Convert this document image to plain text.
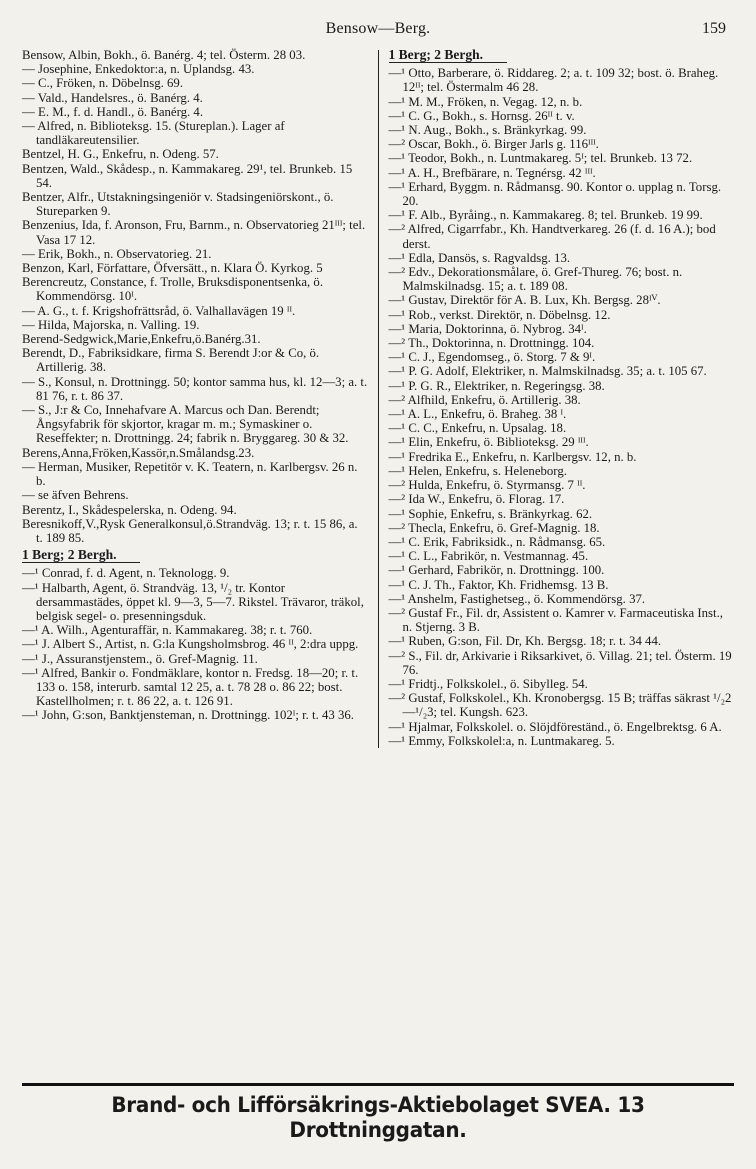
Bensow—Berg.	159
Bensow, Albin, Bokh., ö. Banérg. 4; tel. Österm. 28 03.
— Josephine, Enkedoktor:a, n. Uplandsg. 43.
— C., Fröken, n. Döbelnsg. 69.
— Vald., Handelsres., ö. Banérg. 4.
— E. M., f. d. Handl., ö. Banérg. 4.
— Alfred, n. Biblioteksg. 15. (Stureplan.). Lager af tandläkareutensilier.
Bentzel, H. G., Enkefru, n. Odeng. 57.
Bentzen, Wald., Skådesp., n. Kammakareg. 29¹, tel. Brunkeb. 15 54.
Bentzer, Alfr., Utstakningsingeniör v. Stadsingeniörskont., ö. Stureparken 9.
Benzenius, Ida, f. Aronson, Fru, Barnm., n. Observatorieg 21ᴵᴵᴵ; tel. Vasa 17 12.
— Erik, Bokh., n. Observatorieg. 21.
Benzon, Karl, Författare, Öfversätt., n. Klara Ö. Kyrkog. 5
Berencreutz, Constance, f. Trolle, Bruksdisponentsenka, ö. Kommendörsg. 10ᴵ.
— A. G., t. f. Krigshofrättsråd, ö. Valhallavägen 19 ᴵᴵ.
— Hilda, Majorska, n. Valling. 19.
Berend-Sedgwick,Marie,Enkefru,ö.Banérg.31.
Berendt, D., Fabriksidkare, firma S. Berendt J:or & Co, ö. Artillerig. 38.
— S., Konsul, n. Drottningg. 50; kontor samma hus, kl. 12—3; a. t. 81 76, r. t. 86 37.
— S., J:r & Co, Innehafvare A. Marcus och Dan. Berendt; Ångsyfabrik för skjortor, kragar m. m.; Symaskiner o. Reseffekter; n. Drottningg. 24; fabrik n. Bryggareg. 30 & 32.
Berens,Anna,Fröken,Kassör,n.Smålandsg.23.
— Herman, Musiker, Repetitör v. K. Teatern, n. Karlbergsv. 26 n. b.
— se äfven Behrens.
Berentz, I., Skådespelerska, n. Odeng. 94.
Beresnikoff,V.,Rysk Generalkonsul,ö.Strandväg. 13; r. t. 15 86, a. t. 189 85.
1 Berg; 2 Bergh.
—¹ Conrad, f. d. Agent, n. Teknologg. 9.
—¹ Halbarth, Agent, ö. Strandväg. 13, ¹/₂ tr. Kontor dersammastädes, öppet kl. 9—3, 5—7. Rikstel. Trävaror, träkol, belgisk segel- o. presenningsduk.
—¹ A. Wilh., Agenturaffär, n. Kammakareg. 38; r. t. 760.
—¹ J. Albert S., Artist, n. G:la Kungsholmsbrog. 46 ᴵᴵ, 2:dra uppg.
—¹ J., Assuranstjenstem., ö. Gref-Magnig. 11.
—¹ Alfred, Bankir o. Fondmäklare, kontor n. Fredsg. 18—20; r. t. 133 o. 158, interurb. samtal 12 25, a. t. 78 28 o. 86 22; bost. Kastellholmen; r. t. 86 22, a. t. 126 91.
—¹ John, G:son, Banktjensteman, n. Drottningg. 102ᴵ; r. t. 43 36.
1 Berg; 2 Bergh.
—¹ Otto, Barberare, ö. Riddareg. 2; a. t. 109 32; bost. ö. Braheg. 12ᴵᴵ; tel. Östermalm 46 28.
—¹ M. M., Fröken, n. Vegag. 12, n. b.
—¹ C. G., Bokh., s. Hornsg. 26ᴵᴵ t. v.
—¹ N. Aug., Bokh., s. Bränkyrkag. 99.
—² Oscar, Bokh., ö. Birger Jarls g. 116ᴵᴵᴵ.
—¹ Teodor, Bokh., n. Luntmakareg. 5ᴵ; tel. Brunkeb. 13 72.
—¹ A. H., Brefbärare, n. Tegnérsg. 42 ᴵᴵᴵ.
—¹ Erhard, Byggm. n. Rådmansg. 90. Kontor o. upplag n. Torsg. 20.
—¹ F. Alb., Byråing., n. Kammakareg. 8; tel. Brunkeb. 19 99.
—² Alfred, Cigarrfabr., Kh. Handtverkareg. 26 (f. d. 16 A.); bod derst.
—¹ Edla, Dansös, s. Ragvaldsg. 13.
—² Edv., Dekorationsmålare, ö. Gref-Thureg. 76; bost. n. Malmskilnadsg. 15; a. t. 189 08.
—¹ Gustav, Direktör för A. B. Lux, Kh. Bergsg. 28ᴵⱽ.
—¹ Rob., verkst. Direktör, n. Döbelnsg. 12.
—¹ Maria, Doktorinna, ö. Nybrog. 34ᴵ.
—² Th., Doktorinna, n. Drottningg. 104.
—¹ C. J., Egendomseg., ö. Storg. 7 & 9ᴵ.
—¹ P. G. Adolf, Elektriker, n. Malmskilnadsg. 35; a. t. 105 67.
—¹ P. G. R., Elektriker, n. Regeringsg. 38.
—² Alfhild, Enkefru, ö. Artillerig. 38.
—¹ A. L., Enkefru, ö. Braheg. 38 ᴵ.
—¹ C. C., Enkefru, n. Upsalag. 18.
—¹ Elin, Enkefru, ö. Biblioteksg. 29 ᴵᴵᴵ.
—¹ Fredrika E., Enkefru, n. Karlbergsv. 12, n. b.
—¹ Helen, Enkefru, s. Heleneborg.
—² Hulda, Enkefru, ö. Styrmansg. 7 ᴵᴵ.
—² Ida W., Enkefru, ö. Florag. 17.
—¹ Sophie, Enkefru, s. Bränkyrkag. 62.
—² Thecla, Enkefru, ö. Gref-Magnig. 18.
—¹ C. Erik, Fabriksidk., n. Rådmansg. 65.
—¹ C. L., Fabrikör, n. Vestmannag. 45.
—¹ Gerhard, Fabrikör, n. Drottningg. 100.
—¹ C. J. Th., Faktor, Kh. Fridhemsg. 13 B.
—¹ Anshelm, Fastighetseg., ö. Kommendörsg. 37.
—² Gustaf Fr., Fil. dr, Assistent o. Kamrer v. Farmaceutiska Inst., n. Stjerng. 3 B.
—¹ Ruben, G:son, Fil. Dr, Kh. Bergsg. 18; r. t. 34 44.
—² S., Fil. dr, Arkivarie i Riksarkivet, ö. Villag. 21; tel. Österm. 19 76.
—¹ Fridtj., Folkskolel., ö. Sibylleg. 54.
—² Gustaf, Folkskolel., Kh. Kronobergsg. 15 B; träffas säkrast ¹/₂2—¹/₂3; tel. Kungsh. 623.
—¹ Hjalmar, Folkskolel. o. Slöjdföreständ., ö. Engelbrektsg. 6 A.
—¹ Emmy, Folkskolel:a, n. Luntmakareg. 5.
Brand- och Lifförsäkrings-Aktiebolaget SVEA. 13 Drottninggatan.
